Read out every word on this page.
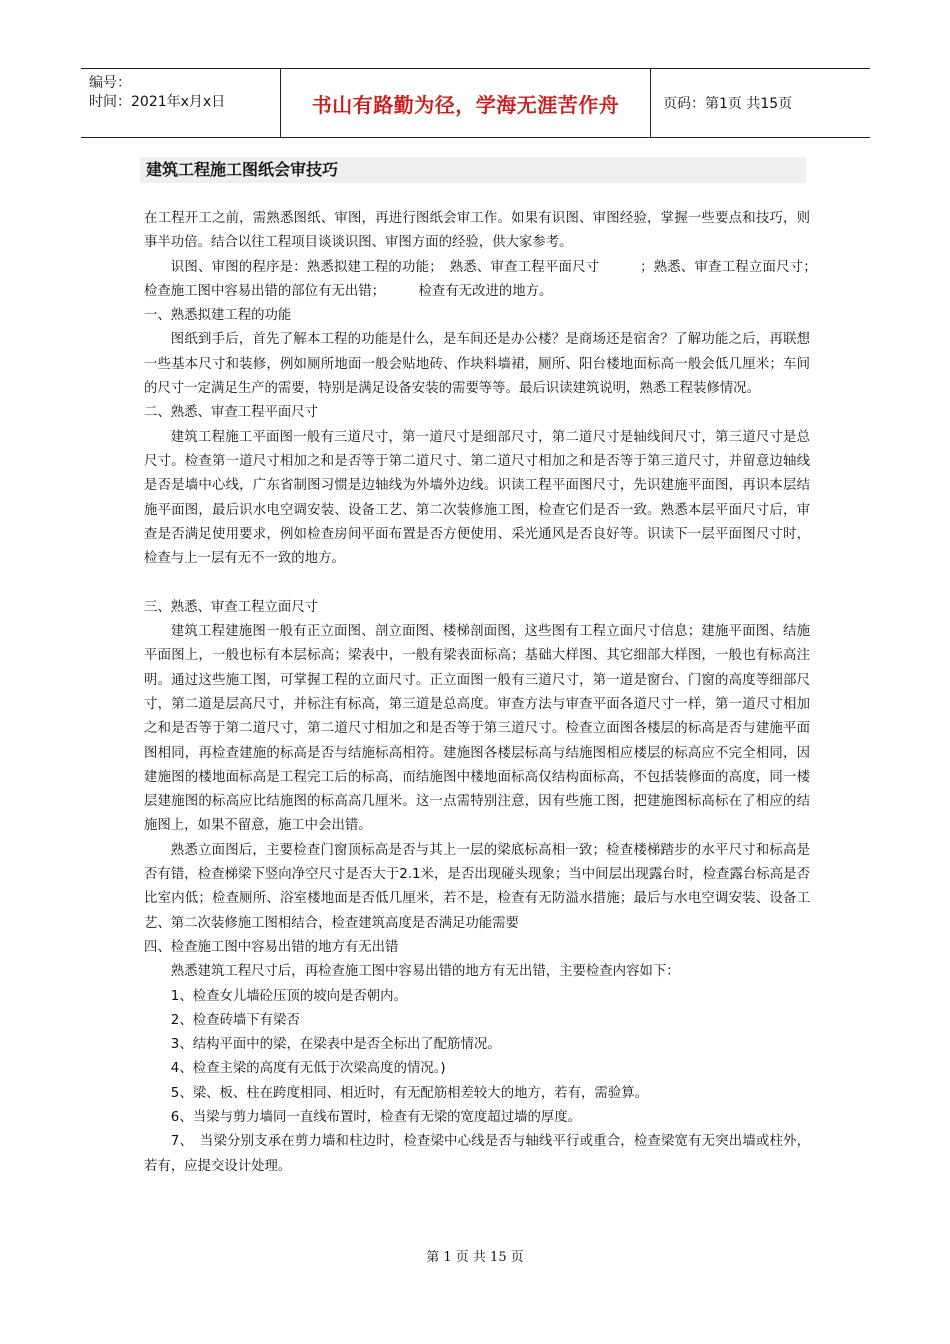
编号：
时间：2021年x月x日	书山有路勤为径，学海无涯苦作舟	页码：第1页 共15页
建筑工程施工图纸会审技巧

在工程开工之前，需熟悉图纸、审图，再进行图纸会审工作。如果有识图、审图经验，掌握一些要点和技巧，则事半功倍。结合以往工程项目谈谈识图、审图方面的经验，供大家参考。

识图、审图的程序是：熟悉拟建工程的功能；　熟悉、审查工程平面尺寸　　　；熟悉、审查工程立面尺寸；　　　检查施工图中容易出错的部位有无出错；　　　检查有无改进的地方。

一、熟悉拟建工程的功能

图纸到手后，首先了解本工程的功能是什么，是车间还是办公楼？是商场还是宿舍？了解功能之后，再联想一些基本尺寸和装修，例如厕所地面一般会贴地砖、作块料墙裙，厕所、阳台楼地面标高一般会低几厘米；车间的尺寸一定满足生产的需要，特别是满足设备安装的需要等等。最后识读建筑说明，熟悉工程装修情况。

二、熟悉、审查工程平面尺寸

建筑工程施工平面图一般有三道尺寸，第一道尺寸是细部尺寸，第二道尺寸是轴线间尺寸，第三道尺寸是总尺寸。检查第一道尺寸相加之和是否等于第二道尺寸、第二道尺寸相加之和是否等于第三道尺寸，并留意边轴线是否是墙中心线，广东省制图习惯是边轴线为外墙外边线。识读工程平面图尺寸，先识建施平面图，再识本层结施平面图，最后识水电空调安装、设备工艺、第二次装修施工图，检查它们是否一致。熟悉本层平面尺寸后，审查是否满足使用要求，例如检查房间平面布置是否方便使用、采光通风是否良好等。识读下一层平面图尺寸时，检查与上一层有无不一致的地方。

三、熟悉、审查工程立面尺寸

建筑工程建施图一般有正立面图、剖立面图、楼梯剖面图，这些图有工程立面尺寸信息；建施平面图、结施平面图上，一般也标有本层标高；梁表中，一般有梁表面标高；基础大样图、其它细部大样图，一般也有标高注明。通过这些施工图，可掌握工程的立面尺寸。正立面图一般有三道尺寸，第一道是窗台、门窗的高度等细部尺寸，第二道是层高尺寸，并标注有标高，第三道是总高度。审查方法与审查平面各道尺寸一样，第一道尺寸相加之和是否等于第二道尺寸，第二道尺寸相加之和是否等于第三道尺寸。检查立面图各楼层的标高是否与建施平面图相同，再检查建施的标高是否与结施标高相符。建施图各楼层标高与结施图相应楼层的标高应不完全相同，因建施图的楼地面标高是工程完工后的标高，而结施图中楼地面标高仅结构面标高，不包括装修面的高度，同一楼层建施图的标高应比结施图的标高高几厘米。这一点需特别注意，因有些施工图，把建施图标高标在了相应的结施图上，如果不留意，施工中会出错。

熟悉立面图后，主要检查门窗顶标高是否与其上一层的梁底标高相一致；检查楼梯踏步的水平尺寸和标高是否有错，检查梯梁下竖向净空尺寸是否大于2.1米，是否出现碰头现象；当中间层出现露台时，检查露台标高是否比室内低；检查厕所、浴室楼地面是否低几厘米，若不是，检查有无防溢水措施；最后与水电空调安装、设备工艺、第二次装修施工图相结合，检查建筑高度是否满足功能需要

四、检查施工图中容易出错的地方有无出错

熟悉建筑工程尺寸后，再检查施工图中容易出错的地方有无出错，主要检查内容如下：

1、检查女儿墙砼压顶的坡向是否朝内。

2、检查砖墙下有梁否

3、结构平面中的梁，在梁表中是否全标出了配筋情况。

4、检查主梁的高度有无低于次梁高度的情况。)

5、梁、板、柱在跨度相同、相近时，有无配筋相差较大的地方，若有，需验算。

6、当梁与剪力墙同一直线布置时，检查有无梁的宽度超过墙的厚度。

7、　当梁分别支承在剪力墙和柱边时，检查梁中心线是否与轴线平行或重合，检查梁宽有无突出墙或柱外，若有，应提交设计处理。

第 1 页 共 15 页
